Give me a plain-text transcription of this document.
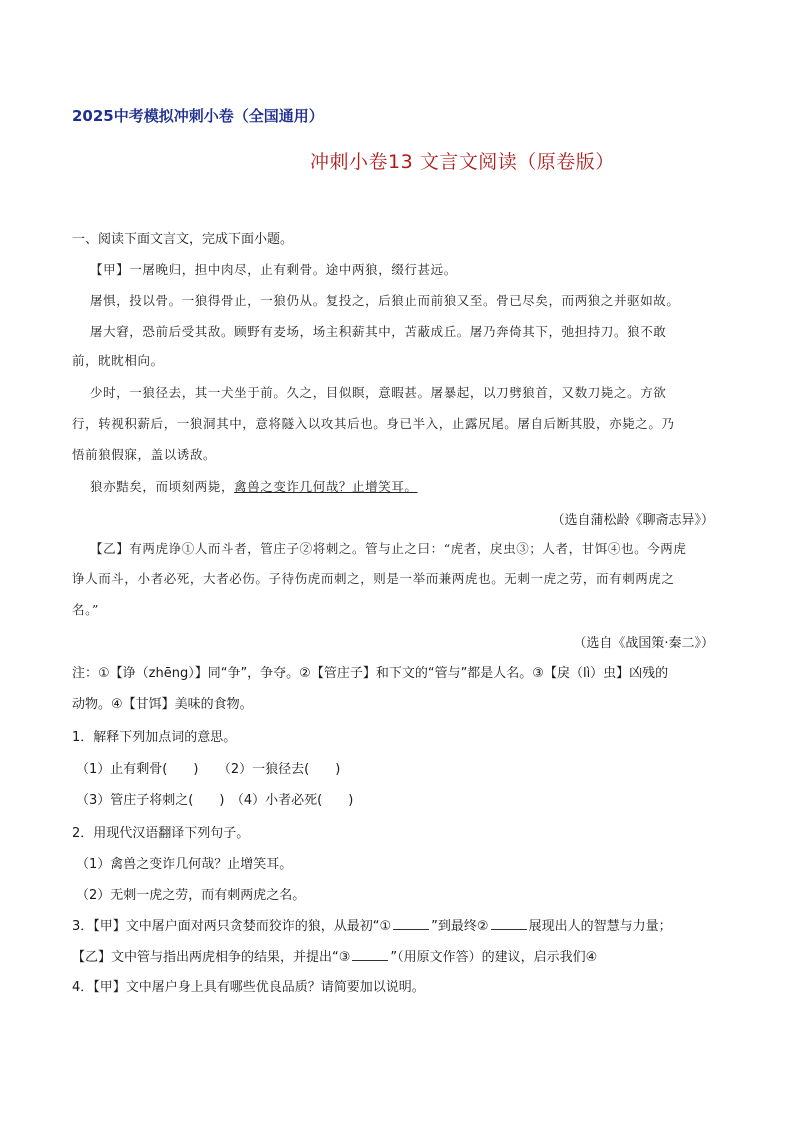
2025中考模拟冲刺小卷（全国通用）
冲刺小卷13 文言文阅读（原卷版）
一、阅读下面文言文，完成下面小题。
【甲】一屠晚归，担中肉尽，止有剩骨。途中两狼，缀行甚远。
屠惧，投以骨。一狼得骨止，一狼仍从。复投之，后狼止而前狼又至。骨已尽矣，而两狼之并驱如故。
屠大窘，恐前后受其敌。顾野有麦场，场主积薪其中，苫蔽成丘。屠乃奔倚其下，弛担持刀。狼不敢
前，眈眈相向。
少时，一狼径去，其一犬坐于前。久之，目似瞑，意暇甚。屠暴起，以刀劈狼首，又数刀毙之。方欲
行，转视积薪后，一狼洞其中，意将隧入以攻其后也。身已半入，止露尻尾。屠自后断其股，亦毙之。乃
悟前狼假寐，盖以诱敌。
狼亦黠矣，而顷刻两毙，禽兽之变诈几何哉？止增笑耳。
（选自蒲松龄《聊斋志异》）
【乙】有两虎诤①人而斗者，管庄子②将刺之。管与止之曰：“虎者，戾虫③；人者，甘饵④也。今两虎
诤人而斗，小者必死，大者必伤。子待伤虎而刺之，则是一举而兼两虎也。无刺一虎之劳，而有刺两虎之
名。”
（选自《战国策·秦二》）
注：①【诤（zhēng）】同“争”，争夺。②【管庄子】和下文的“管与”都是人名。③【戾（lì）虫】凶残的
动物。④【甘饵】美味的食物。
1．解释下列加点词的意思。
（1）止有剩骨(　　)　　（2）一狼径去(　　)
（3）管庄子将刺之(　　)　（4）小者必死(　　)
2．用现代汉语翻译下列句子。
（1）禽兽之变诈几何哉？止增笑耳。
（2）无刺一虎之劳，而有刺两虎之名。
3．【甲】文中屠户面对两只贪婪而狡诈的狼，从最初“①	”到最终②	展现出人的智慧与力量；
【乙】文中管与指出两虎相争的结果，并提出“③	”（用原文作答）的建议，启示我们④
4．【甲】文中屠户身上具有哪些优良品质？请简要加以说明。
